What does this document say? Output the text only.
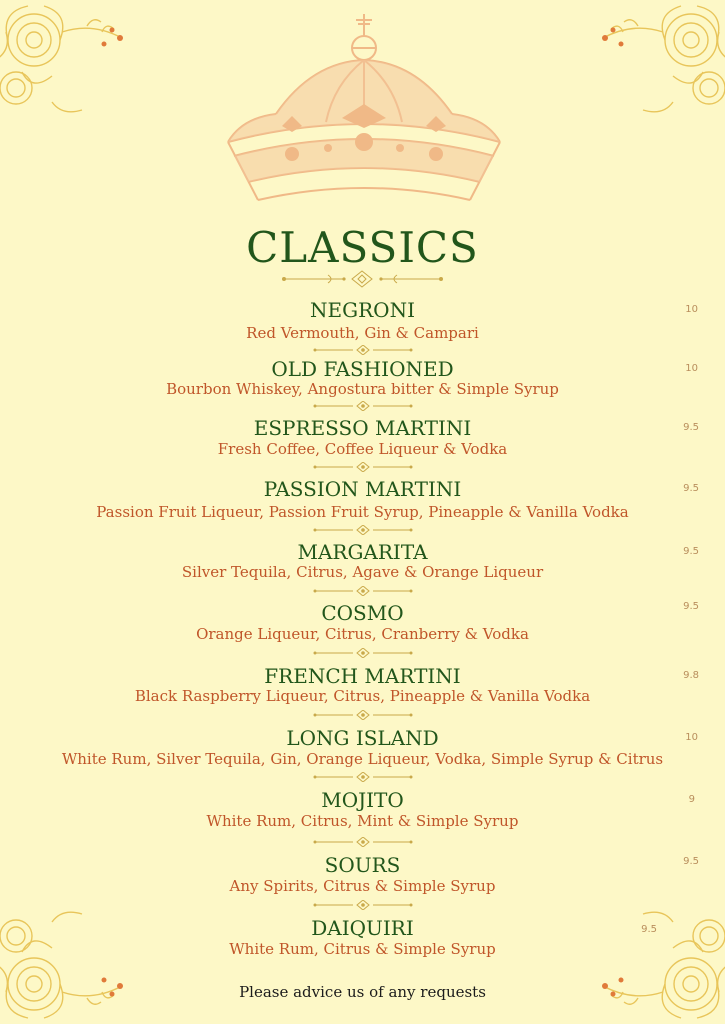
CLASSICS
NEGRONI
Red Vermouth, Gin & Campari
10
OLD FASHIONED
Bourbon Whiskey, Angostura bitter & Simple Syrup
10
ESPRESSO MARTINI
Fresh Coffee, Coffee Liqueur & Vodka
9.5
PASSION MARTINI
Passion Fruit Liqueur, Passion Fruit Syrup, Pineapple & Vanilla Vodka
9.5
MARGARITA
Silver Tequila, Citrus, Agave & Orange Liqueur
9.5
COSMO
Orange Liqueur, Citrus, Cranberry & Vodka
9.5
FRENCH MARTINI
Black Raspberry Liqueur, Citrus, Pineapple & Vanilla Vodka
9.8
LONG ISLAND
White Rum, Silver Tequila, Gin, Orange Liqueur, Vodka, Simple Syrup & Citrus
10
MOJITO
White Rum, Citrus, Mint & Simple Syrup
9
SOURS
Any Spirits, Citrus & Simple Syrup
9.5
DAIQUIRI
White Rum, Citrus & Simple Syrup
9.5
Please advice us of any requests
